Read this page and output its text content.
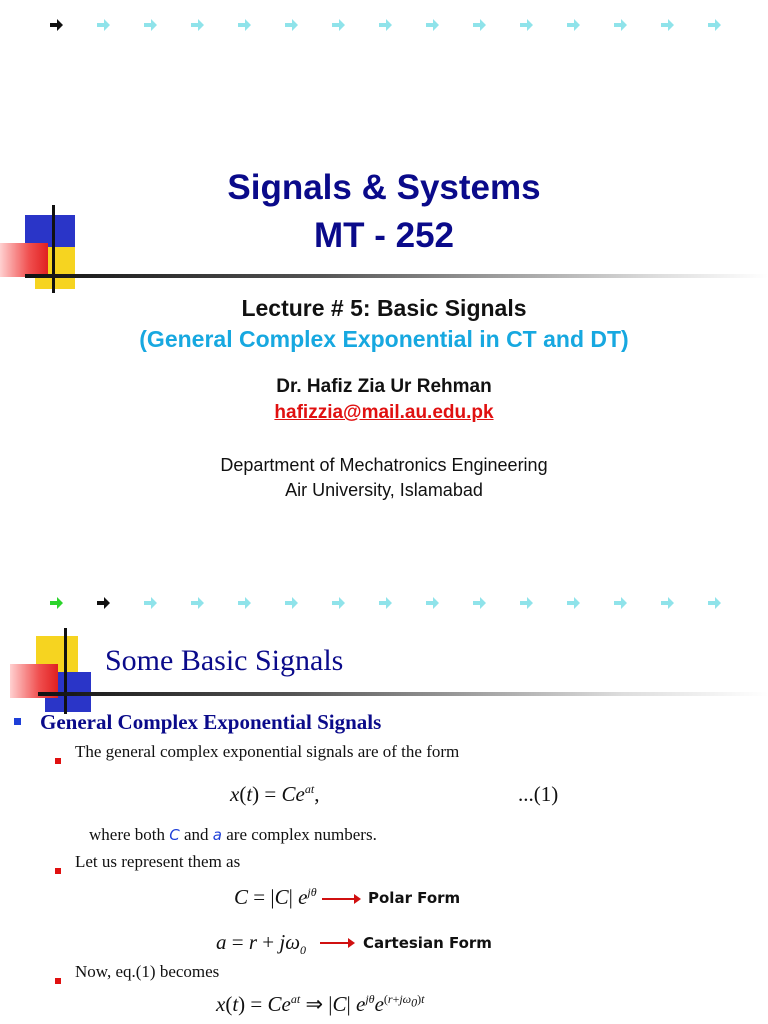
Signals & Systems
MT - 252
Lecture # 5: Basic Signals
(General Complex Exponential in CT and DT)
Dr. Hafiz Zia Ur Rehman
hafizzia@mail.au.edu.pk
Department of Mechatronics Engineering
Air University, Islamabad
Some Basic Signals
General Complex Exponential Signals
The general complex exponential signals are of the form
$x(t) = Ce^{at}$,	...(1)
where both C and a are complex numbers.
Let us represent them as
C = |C| $e^{j\theta}$	Polar Form
$a = r + j\omega_0$	Cartesian Form
Now, eq.(1) becomes
$x(t) = Ce^{at}$ ⇒ |C| $e^{j\theta}e^{(r+j\omega_0)t}$
